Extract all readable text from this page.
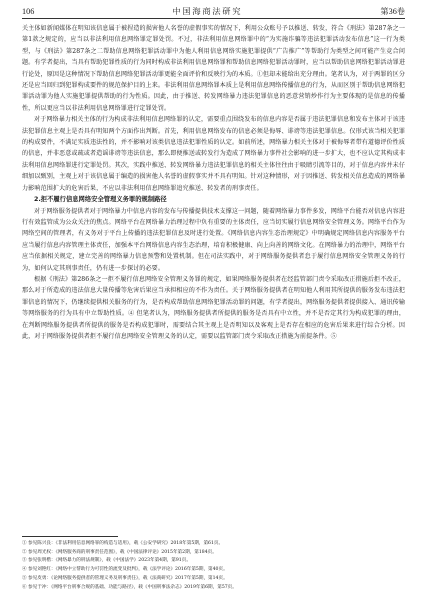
106	中国海商法研究	第36卷

关主体如新闻媒体在明知该信息属于被捏造的损害他人名誉的虚假事实的情况下，利用公众账号予以推送、转发，符合《刑法》第287条之一第1款之规定的，应当以非法利用信息网络罪定罪处罚。不过，非法利用信息网络罪中的“为实施诈骗等违法犯罪活动发布信息”这一行为类型，与《刑法》第287条之二帮助信息网络犯罪活动罪中为他人利用信息网络实施犯罪提供“广告推广”等帮助行为类型之间可能产生竞合问题。有学者提出，当具有帮助犯罪性质的行为同时构成非法利用信息网络罪和帮助信息网络犯罪活动罪时，应当以帮助信息网络犯罪活动罪进行论处，原因是这种情况下帮助信息网络犯罪活动罪更能全面评价和反映行为的本质。①但却未能给出充分理由。笔者认为，对于两罪的区分还是应当回归到犯罪构成要件的规范保护目的上来。非法利用信息网络罪本质上是利用信息网络传播信息的行为，从而区别于帮助信息网络犯罪活动罪为他人实施犯罪提供帮助的行为性质。因此，由于推送、转发网络暴力违法犯罪信息的恶意营销炒作行为主要体现的是信息的传播性，所以更应当以非法利用信息网络罪进行定罪处罚。

对于网络暴力相关主体的行为构成非法利用信息网络罪的认定，需要重点围绕发布的信息内容是否属于违法犯罪信息和发布主体对于该违法犯罪信息主观上是否具有明知两个方面作出判断。首先，利用信息网络发布的信息必须是侮辱、诽谤等违法犯罪信息。仅形式该当相关犯罪的构成要件，不满足实质违法性的，并不影响对该类信息违法犯罪性质的认定。如前所述，网络暴力相关主体对于被侮辱者带有道德评价性质的信息，并非恶意或疏或者造谣诽谤等违法信息，那么即便推送或转发行为造成了网络暴力事件社会影响的进一步扩大，也不应认定其构成非法利用信息网络罪进行定罪处罚。其次，实践中推送、转发网络暴力违法犯罪信息的相关主体往往由于吸睛引流等目的，对于信息内容并未仔细加以甄别，主观上对于该信息属于编造的损害他人名誉的虚假事实并不具有明知。针对这种情形，对于因推送、转发相关信息造成的网络暴力影响范围扩大的危害后果，不应以非法利用信息网络罪追究推送、转发者的刑事责任。

2.拒不履行信息网络安全管理义务罪的规制路径

对于网络服务提供者对于网络暴力中信息内容的发布与传播提供技术支撑这一问题，随着网络暴力事件多发，网络平台能否对信息内容进行有效监管成为公众关注的焦点。网络平台在网络暴力治理过程中负有重要的主体责任，应当切实履行信息网络安全管理义务。网络平台作为网络空间的管理者，有义务对于平台上传播的违法犯罪信息及时进行处置。《网络信息内容生态治理规定》中明确规定网络信息内容服务平台应当履行信息内容管理主体责任，加强本平台网络信息内容生态治理，培育积极健康、向上向善的网络文化。在网络暴力的治理中，网络平台应当依据相关规定，建立完善的网络暴力信息预警和处置机制。但在司法实践中，对于网络服务提供者怠于履行信息网络安全管理义务的行为，如何认定其刑事责任，仍有进一步探讨的必要。

根据《刑法》第286条之一拒不履行信息网络安全管理义务罪的规定，如果网络服务提供者在经监管部门责令采取改正措施后拒不改正，那么对于所造成的违法信息大量传播等危害后果应当承担相应的不作为责任。关于网络服务提供者在明知他人利用其所提供的服务发布违法犯罪信息的情况下，仍继续提供相关服务的行为，是否构成帮助信息网络犯罪活动罪的问题，有学者提出，网络服务提供者提供接入、通讯传输等网络服务的行为具有中立帮助性质。④ 但笔者认为，网络服务提供者所提供的服务是否具有中立性，并不是否定其行为构成犯罪的理由，在判断网络服务提供者所提供的服务是否构成犯罪时，需要结合其主观上是否明知以及客观上是否存在相应的危害后果来进行综合分析。因此，对于网络服务提供者拒不履行信息网络安全管理义务的认定，需要以监管部门责令采取改正措施为前提条件。⑤

① 参见陈兴良：《非法利用信息网络罪的构造与适用》，载《公安学研究》2018年第5期，第61页。
② 参见周光权：《网络服务商的刑事责任范围》，载《中国法律评论》2015年第2期，第184页。
③ 参见张明楷：《网络暴力的刑法规制》，载《中国法学》2023年第4期，第91页。
④ 参见刘艳红：《网络中立帮助行为可罚性的流变及批判》，载《法学评论》2016年第5期，第40页。
⑤ 参见皮勇：《论网络服务提供者的管理义务及刑事责任》，载《法商研究》2017年第5期，第14页。
⑥ 参见于冲：《网络平台刑事合规的基础、功能与路径》，载《中国刑事法杂志》2019年第6期，第57页。
